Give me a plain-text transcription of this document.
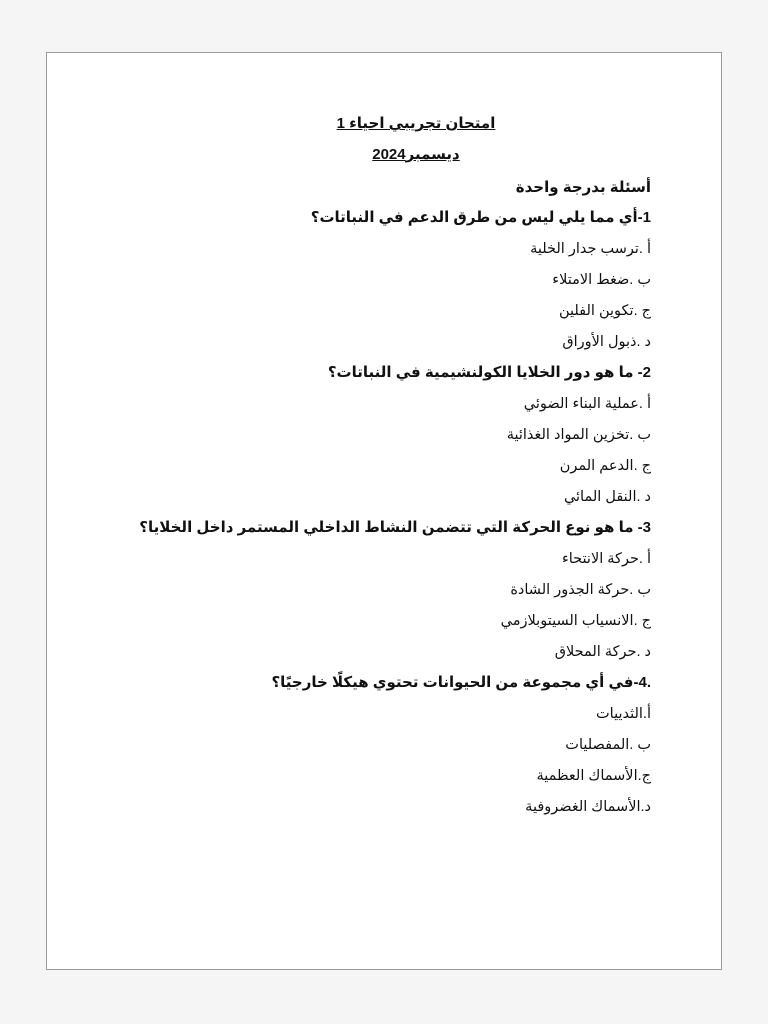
امتحان تجريبي احياء 1
ديسمبر2024
أسئلة بدرجة واحدة
1-أي مما يلي ليس من طرق الدعم في النباتات؟
أ .ترسب جدار الخلية
ب .ضغط الامتلاء
ج .تكوين الفلين
د .ذبول الأوراق
2- ما هو دور الخلايا الكولنشيمية في النباتات؟
أ .عملية البناء الضوئي
ب .تخزين المواد الغذائية
ج .الدعم المرن
د .النقل المائي
3- ما هو نوع الحركة التي تتضمن النشاط الداخلي المستمر داخل الخلايا؟
أ .حركة الانتحاء
ب .حركة الجذور الشادة
ج .الانسياب السيتوبلازمي
د .حركة المحلاق
.4-في أي مجموعة من الحيوانات تحتوي هيكلًا خارجيًا؟
أ.الثدييات
ب .المفصليات
ج.الأسماك العظمية
د.الأسماك الغضروفية
